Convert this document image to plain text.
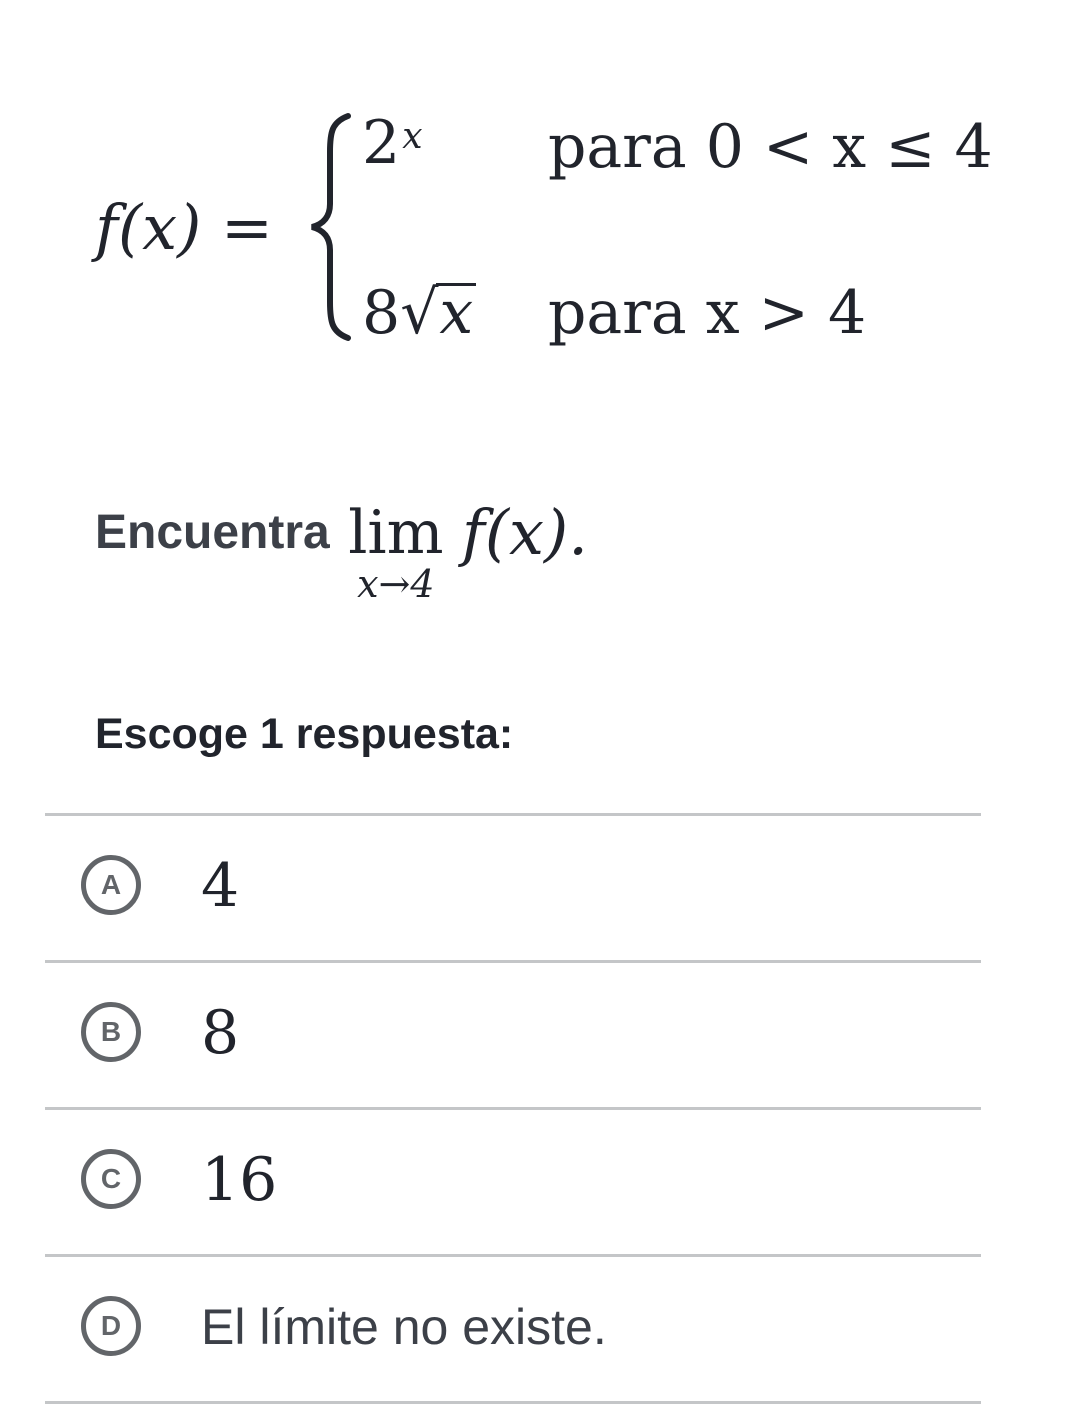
f(x) =
$2^x$ para 0 < x ≤ 4
8√x para x > 4
Encuentra lim
x→4
f(x).
Escoge 1 respuesta:
A	4
B	8
C	16
D	El límite no existe.
